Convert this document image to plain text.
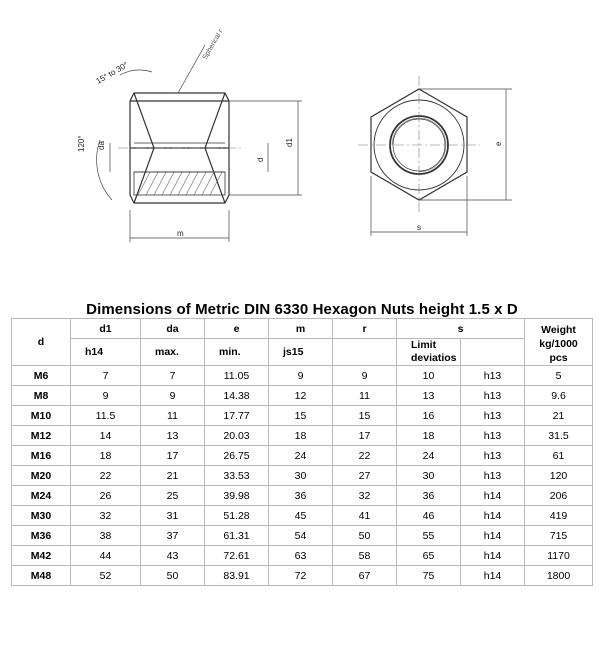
15° to 30°
Spherical r
120° da
d
d1
m
s
e
Dimensions of Metric DIN 6330 Hexagon Nuts height 1.5 x D
d	d1	da	e	m	r	s		Weight
kg/1000
pcs

	h14	max.	min.	js15		Limit
deviatios		

M6	7	7	11.05	9	9	10	h13	5
M8	9	9	14.38	12	11	13	h13	9.6
M10	11.5	11	17.77	15	15	16	h13	21
M12	14	13	20.03	18	17	18	h13	31.5
M16	18	17	26.75	24	22	24	h13	61
M20	22	21	33.53	30	27	30	h13	120
M24	26	25	39.98	36	32	36	h14	206
M30	32	31	51.28	45	41	46	h14	419
M36	38	37	61.31	54	50	55	h14	715
M42	44	43	72.61	63	58	65	h14	1170
M48	52	50	83.91	72	67	75	h14	1800
